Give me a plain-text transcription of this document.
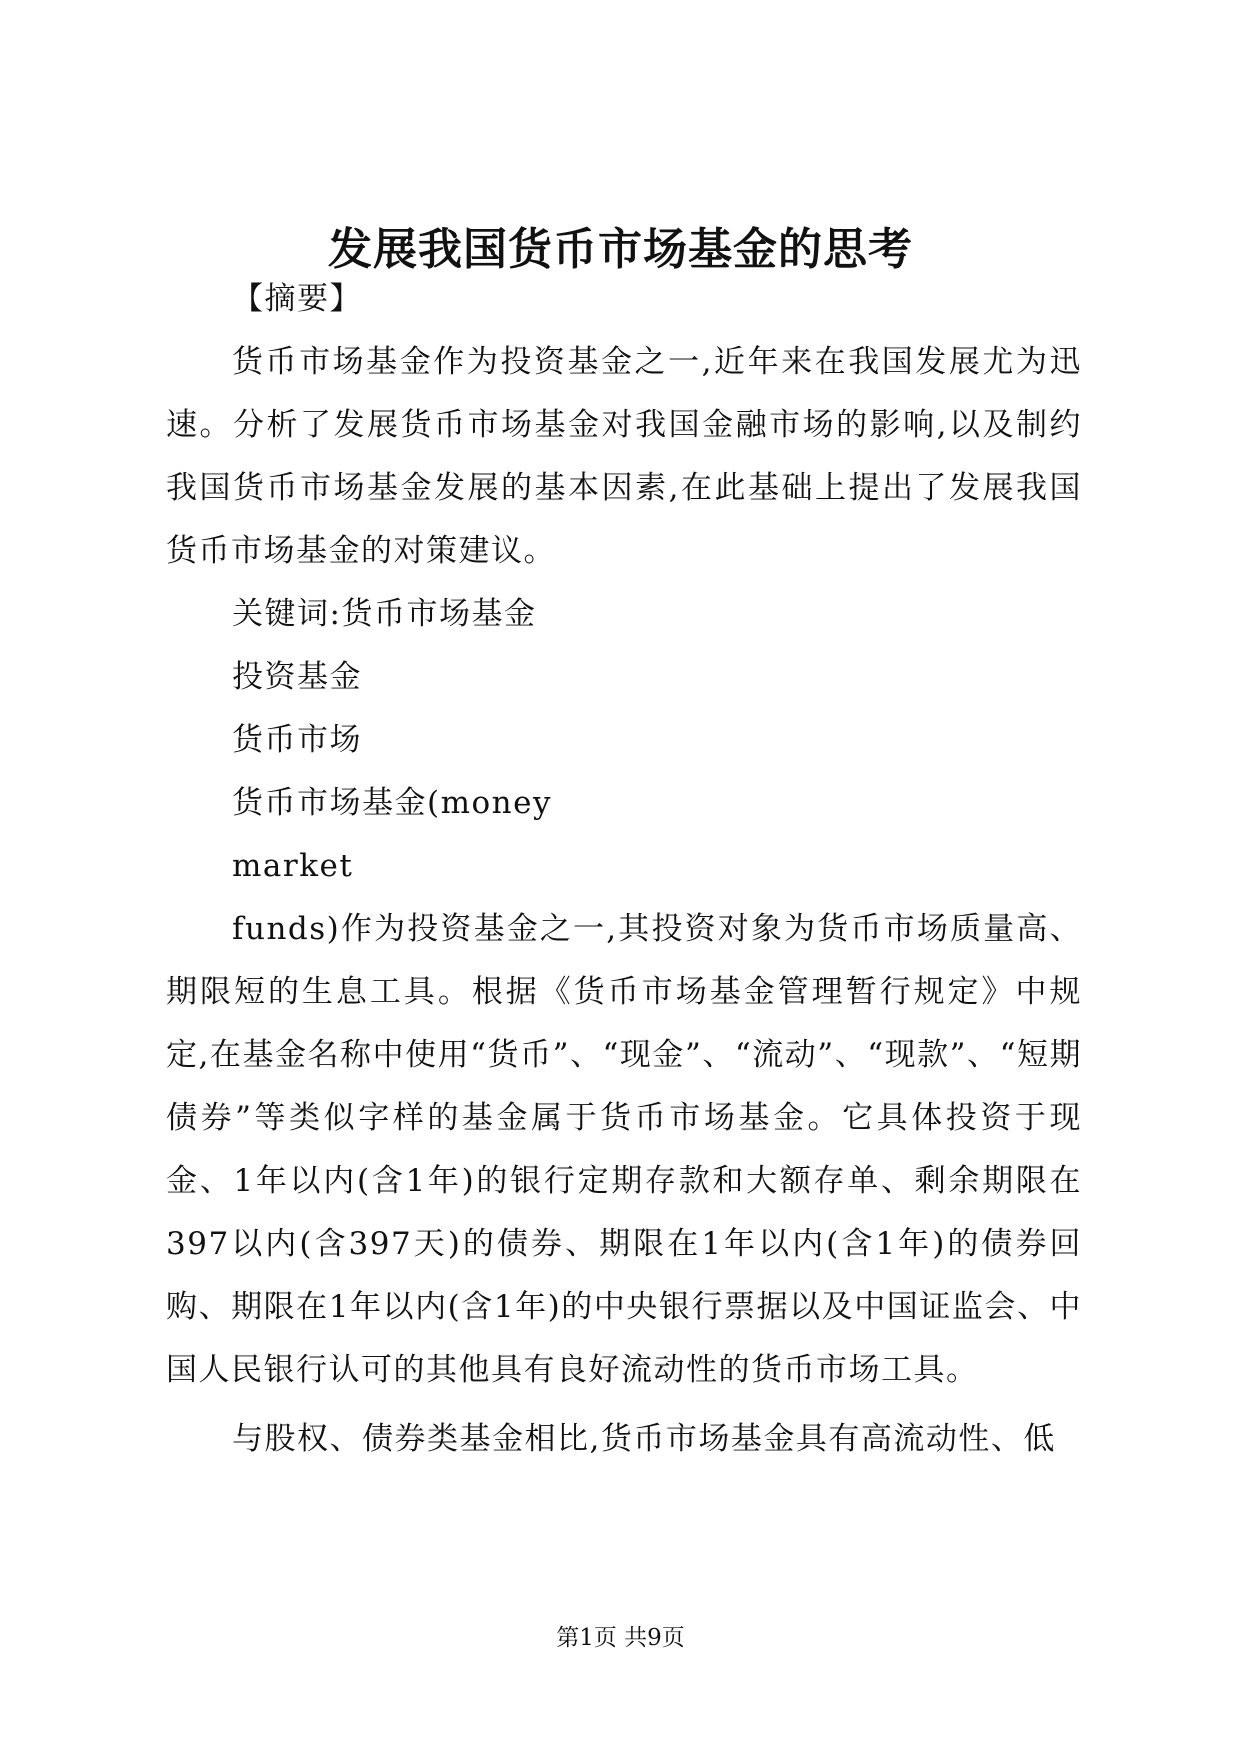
发展我国货币市场基金的思考

【摘要】

货币市场基金作为投资基金之一,近年来在我国发展尤为迅速。分析了发展货币市场基金对我国金融市场的影响,以及制约我国货币市场基金发展的基本因素,在此基础上提出了发展我国货币市场基金的对策建议。

关键词:货币市场基金

投资基金

货币市场

货币市场基金(money

market

funds)作为投资基金之一,其投资对象为货币市场质量高、期限短的生息工具。根据《货币市场基金管理暂行规定》中规定,在基金名称中使用“货币”、“现金”、“流动”、“现款”、“短期债券”等类似字样的基金属于货币市场基金。它具体投资于现金、1年以内(含1年)的银行定期存款和大额存单、剩余期限在397以内(含397天)的债券、期限在1年以内(含1年)的债券回购、期限在1年以内(含1年)的中央银行票据以及中国证监会、中国人民银行认可的其他具有良好流动性的货币市场工具。

与股权、债券类基金相比,货币市场基金具有高流动性、低

第1页 共9页
